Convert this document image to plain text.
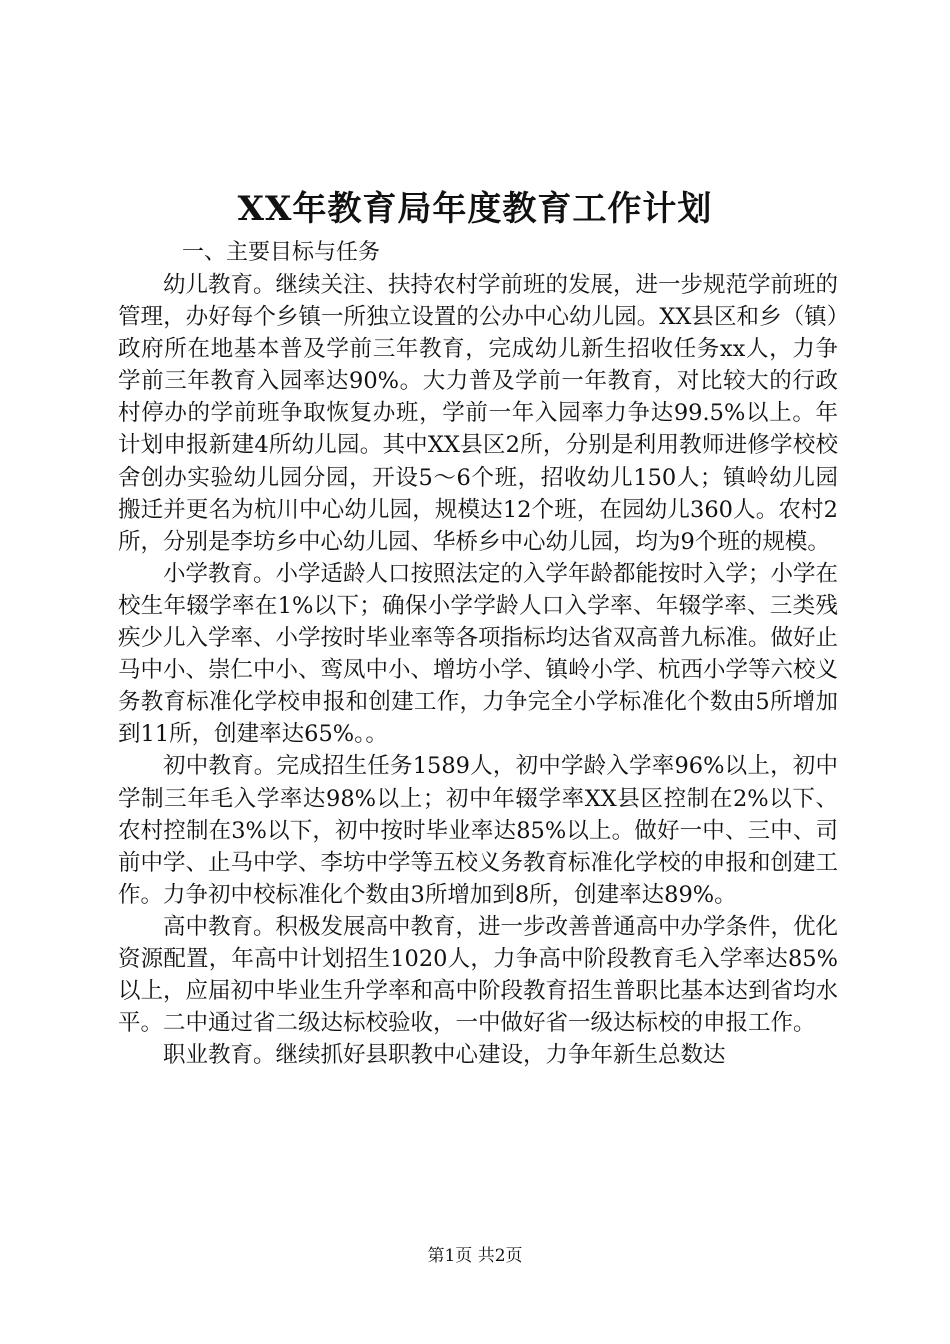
XX年教育局年度教育工作计划
一、主要目标与任务

幼儿教育。继续关注、扶持农村学前班的发展，进一步规范学前班的管理，办好每个乡镇一所独立设置的公办中心幼儿园。XX县区和乡（镇）政府所在地基本普及学前三年教育，完成幼儿新生招收任务xx人，力争学前三年教育入园率达90%。大力普及学前一年教育，对比较大的行政村停办的学前班争取恢复办班，学前一年入园率力争达99.5%以上。年计划申报新建4所幼儿园。其中XX县区2所，分别是利用教师进修学校校舍创办实验幼儿园分园，开设5～6个班，招收幼儿150人；镇岭幼儿园搬迁并更名为杭川中心幼儿园，规模达12个班，在园幼儿360人。农村2所，分别是李坊乡中心幼儿园、华桥乡中心幼儿园，均为9个班的规模。

小学教育。小学适龄人口按照法定的入学年龄都能按时入学；小学在校生年辍学率在1%以下；确保小学学龄人口入学率、年辍学率、三类残疾少儿入学率、小学按时毕业率等各项指标均达省双高普九标准。做好止马中小、崇仁中小、鸾凤中小、增坊小学、镇岭小学、杭西小学等六校义务教育标准化学校申报和创建工作，力争完全小学标准化个数由5所增加到11所，创建率达65%。。

初中教育。完成招生任务1589人，初中学龄入学率96%以上，初中学制三年毛入学率达98%以上；初中年辍学率XX县区控制在2%以下、农村控制在3%以下，初中按时毕业率达85%以上。做好一中、三中、司前中学、止马中学、李坊中学等五校义务教育标准化学校的申报和创建工作。力争初中校标准化个数由3所增加到8所，创建率达89%。

高中教育。积极发展高中教育，进一步改善普通高中办学条件，优化资源配置，年高中计划招生1020人，力争高中阶段教育毛入学率达85%以上，应届初中毕业生升学率和高中阶段教育招生普职比基本达到省均水平。二中通过省二级达标校验收，一中做好省一级达标校的申报工作。

职业教育。继续抓好县职教中心建设，力争年新生总数达

第1页 共2页
